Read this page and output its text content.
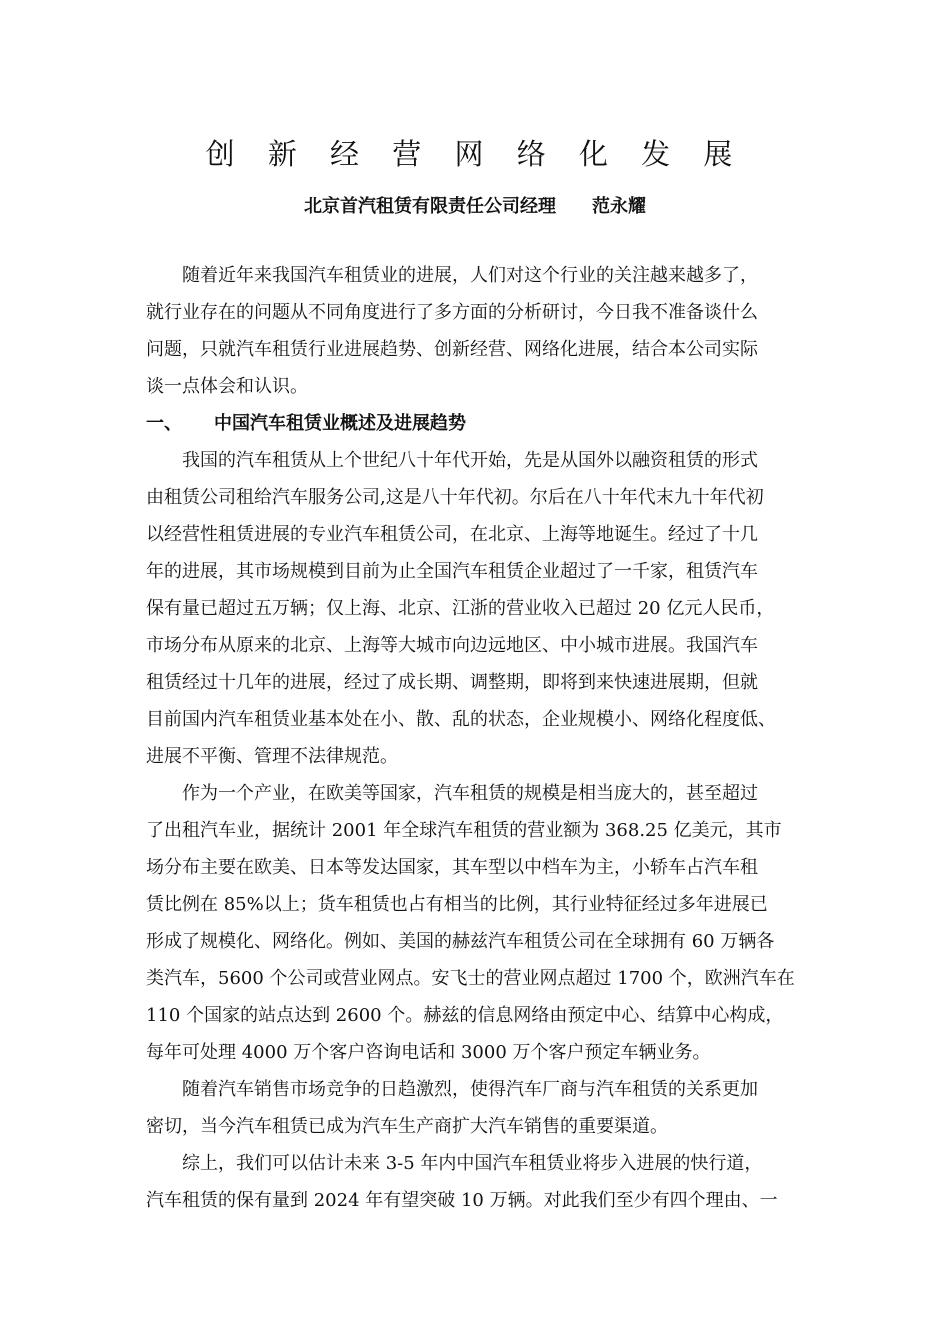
创 新 经 营 网 络 化 发 展
北京首汽租赁有限责任公司经理 范永耀
随着近年来我国汽车租赁业的进展，人们对这个行业的关注越来越多了，
就行业存在的问题从不同角度进行了多方面的分析研讨，今日我不准备谈什么
问题，只就汽车租赁行业进展趋势、创新经营、网络化进展，结合本公司实际
谈一点体会和认识。
一、 中国汽车租赁业概述及进展趋势
我国的汽车租赁从上个世纪八十年代开始，先是从国外以融资租赁的形式
由租赁公司租给汽车服务公司,这是八十年代初。尔后在八十年代末九十年代初
以经营性租赁进展的专业汽车租赁公司，在北京、上海等地诞生。经过了十几
年的进展，其市场规模到目前为止全国汽车租赁企业超过了一千家，租赁汽车
保有量已超过五万辆；仅上海、北京、江浙的营业收入已超过 20 亿元人民币，
市场分布从原来的北京、上海等大城市向边远地区、中小城市进展。我国汽车
租赁经过十几年的进展，经过了成长期、调整期，即将到来快速进展期，但就
目前国内汽车租赁业基本处在小、散、乱的状态，企业规模小、网络化程度低、
进展不平衡、管理不法律规范。
作为一个产业，在欧美等国家，汽车租赁的规模是相当庞大的，甚至超过
了出租汽车业，据统计 2001 年全球汽车租赁的营业额为 368.25 亿美元，其市
场分布主要在欧美、日本等发达国家，其车型以中档车为主，小轿车占汽车租
赁比例在 85%以上；货车租赁也占有相当的比例，其行业特征经过多年进展已
形成了规模化、网络化。例如、美国的赫兹汽车租赁公司在全球拥有 60 万辆各
类汽车，5600 个公司或营业网点。安飞士的营业网点超过 1700 个，欧洲汽车在
110 个国家的站点达到 2600 个。赫兹的信息网络由预定中心、结算中心构成，
每年可处理 4000 万个客户咨询电话和 3000 万个客户预定车辆业务。
随着汽车销售市场竞争的日趋激烈，使得汽车厂商与汽车租赁的关系更加
密切，当今汽车租赁已成为汽车生产商扩大汽车销售的重要渠道。
综上，我们可以估计未来 3-5 年内中国汽车租赁业将步入进展的快行道，
汽车租赁的保有量到 2024 年有望突破 10 万辆。对此我们至少有四个理由、一
